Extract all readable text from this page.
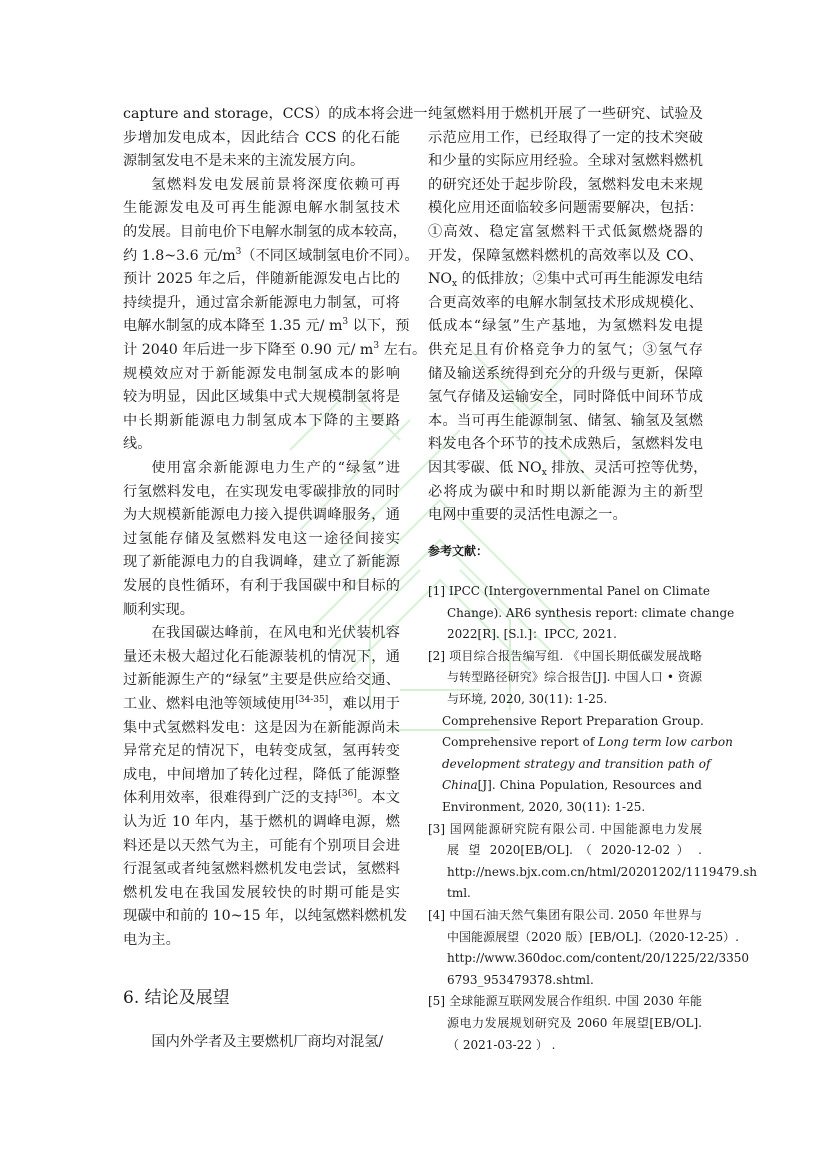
capture and storage，CCS）的成本将会进一
步增加发电成本，因此结合 CCS 的化石能
源制氢发电不是未来的主流发展方向。
氢燃料发电发展前景将深度依赖可再
生能源发电及可再生能源电解水制氢技术
的发展。目前电价下电解水制氢的成本较高，
约 1.8~3.6 元$/m^3$（不同区域制氢电价不同）。
预计 2025 年之后，伴随新能源发电占比的
持续提升，通过富余新能源电力制氢，可将
电解水制氢的成本降至 1.35 元/ $m^3$ 以下，预
计 2040 年后进一步下降至 0.90 元/ $m^3$ 左右。
规模效应对于新能源发电制氢成本的影响
较为明显，因此区域集中式大规模制氢将是
中长期新能源电力制氢成本下降的主要路
线。
使用富余新能源电力生产的“绿氢”进
行氢燃料发电，在实现发电零碳排放的同时
为大规模新能源电力接入提供调峰服务，通
过氢能存储及氢燃料发电这一途径间接实
现了新能源电力的自我调峰，建立了新能源
发展的良性循环，有利于我国碳中和目标的
顺利实现。
在我国碳达峰前，在风电和光伏装机容
量还未极大超过化石能源装机的情况下，通
过新能源生产的“绿氢”主要是供应给交通、
工业、燃料电池等领域使用[34-35]，难以用于
集中式氢燃料发电：这是因为在新能源尚未
异常充足的情况下，电转变成氢，氢再转变
成电，中间增加了转化过程，降低了能源整
体利用效率，很难得到广泛的支持[36]。本文
认为近 10 年内，基于燃机的调峰电源，燃
料还是以天然气为主，可能有个别项目会进
行混氢或者纯氢燃料燃机发电尝试，氢燃料
燃机发电在我国发展较快的时期可能是实
现碳中和前的 10~15 年，以纯氢燃料燃机发
电为主。
国内外学者及主要燃机厂商均对混氢/
纯氢燃料用于燃机开展了一些研究、试验及
示范应用工作，已经取得了一定的技术突破
和少量的实际应用经验。全球对氢燃料燃机
的研究还处于起步阶段，氢燃料发电未来规
模化应用还面临较多问题需要解决，包括：
①高效、稳定富氢燃料干式低氮燃烧器的
开发，保障氢燃料燃机的高效率以及 CO、
$NO_x$ 的低排放；②集中式可再生能源发电结
合更高效率的电解水制氢技术形成规模化、
低成本“绿氢”生产基地，为氢燃料发电提
供充足且有价格竞争力的氢气；③氢气存
储及输送系统得到充分的升级与更新，保障
氢气存储及运输安全，同时降低中间环节成
本。当可再生能源制氢、储氢、输氢及氢燃
料发电各个环节的技术成熟后，氢燃料发电
因其零碳、低 $NO_x$ 排放、灵活可控等优势，
必将成为碳中和时期以新能源为主的新型
电网中重要的灵活性电源之一。
[1] IPCC (Intergovernmental Panel on Climate
Change). AR6 synthesis report: climate change
2022[R]. [S.l.]：IPCC, 2021.
[2] 项目综合报告编写组. 《中国长期低碳发展战略
与转型路径研究》综合报告[J]. 中国人口 • 资源
与环境, 2020, 30(11): 1-25.
Comprehensive Report Preparation Group.
Comprehensive report of Long term low carbon
development strategy and transition path of
China[J]. China Population, Resources and
Environment, 2020, 30(11): 1-25.
[3] 国网能源研究院有限公司. 中国能源电力发展
展 望 2020[EB/OL]. （ 2020-12-02 ） .
http://news.bjx.com.cn/html/20201202/1119479.sh
tml.
[4] 中国石油天然气集团有限公司. 2050 年世界与
中国能源展望（2020 版）[EB/OL].（2020-12-25）.
http://www.360doc.com/content/20/1225/22/3350
6793_953479378.shtml.
[5] 全球能源互联网发展合作组织. 中国 2030 年能
源电力发展规划研究及 2060 年展望[EB/OL].
（ 2021-03-22 ） .
6. 结论及展望
参考文献：
